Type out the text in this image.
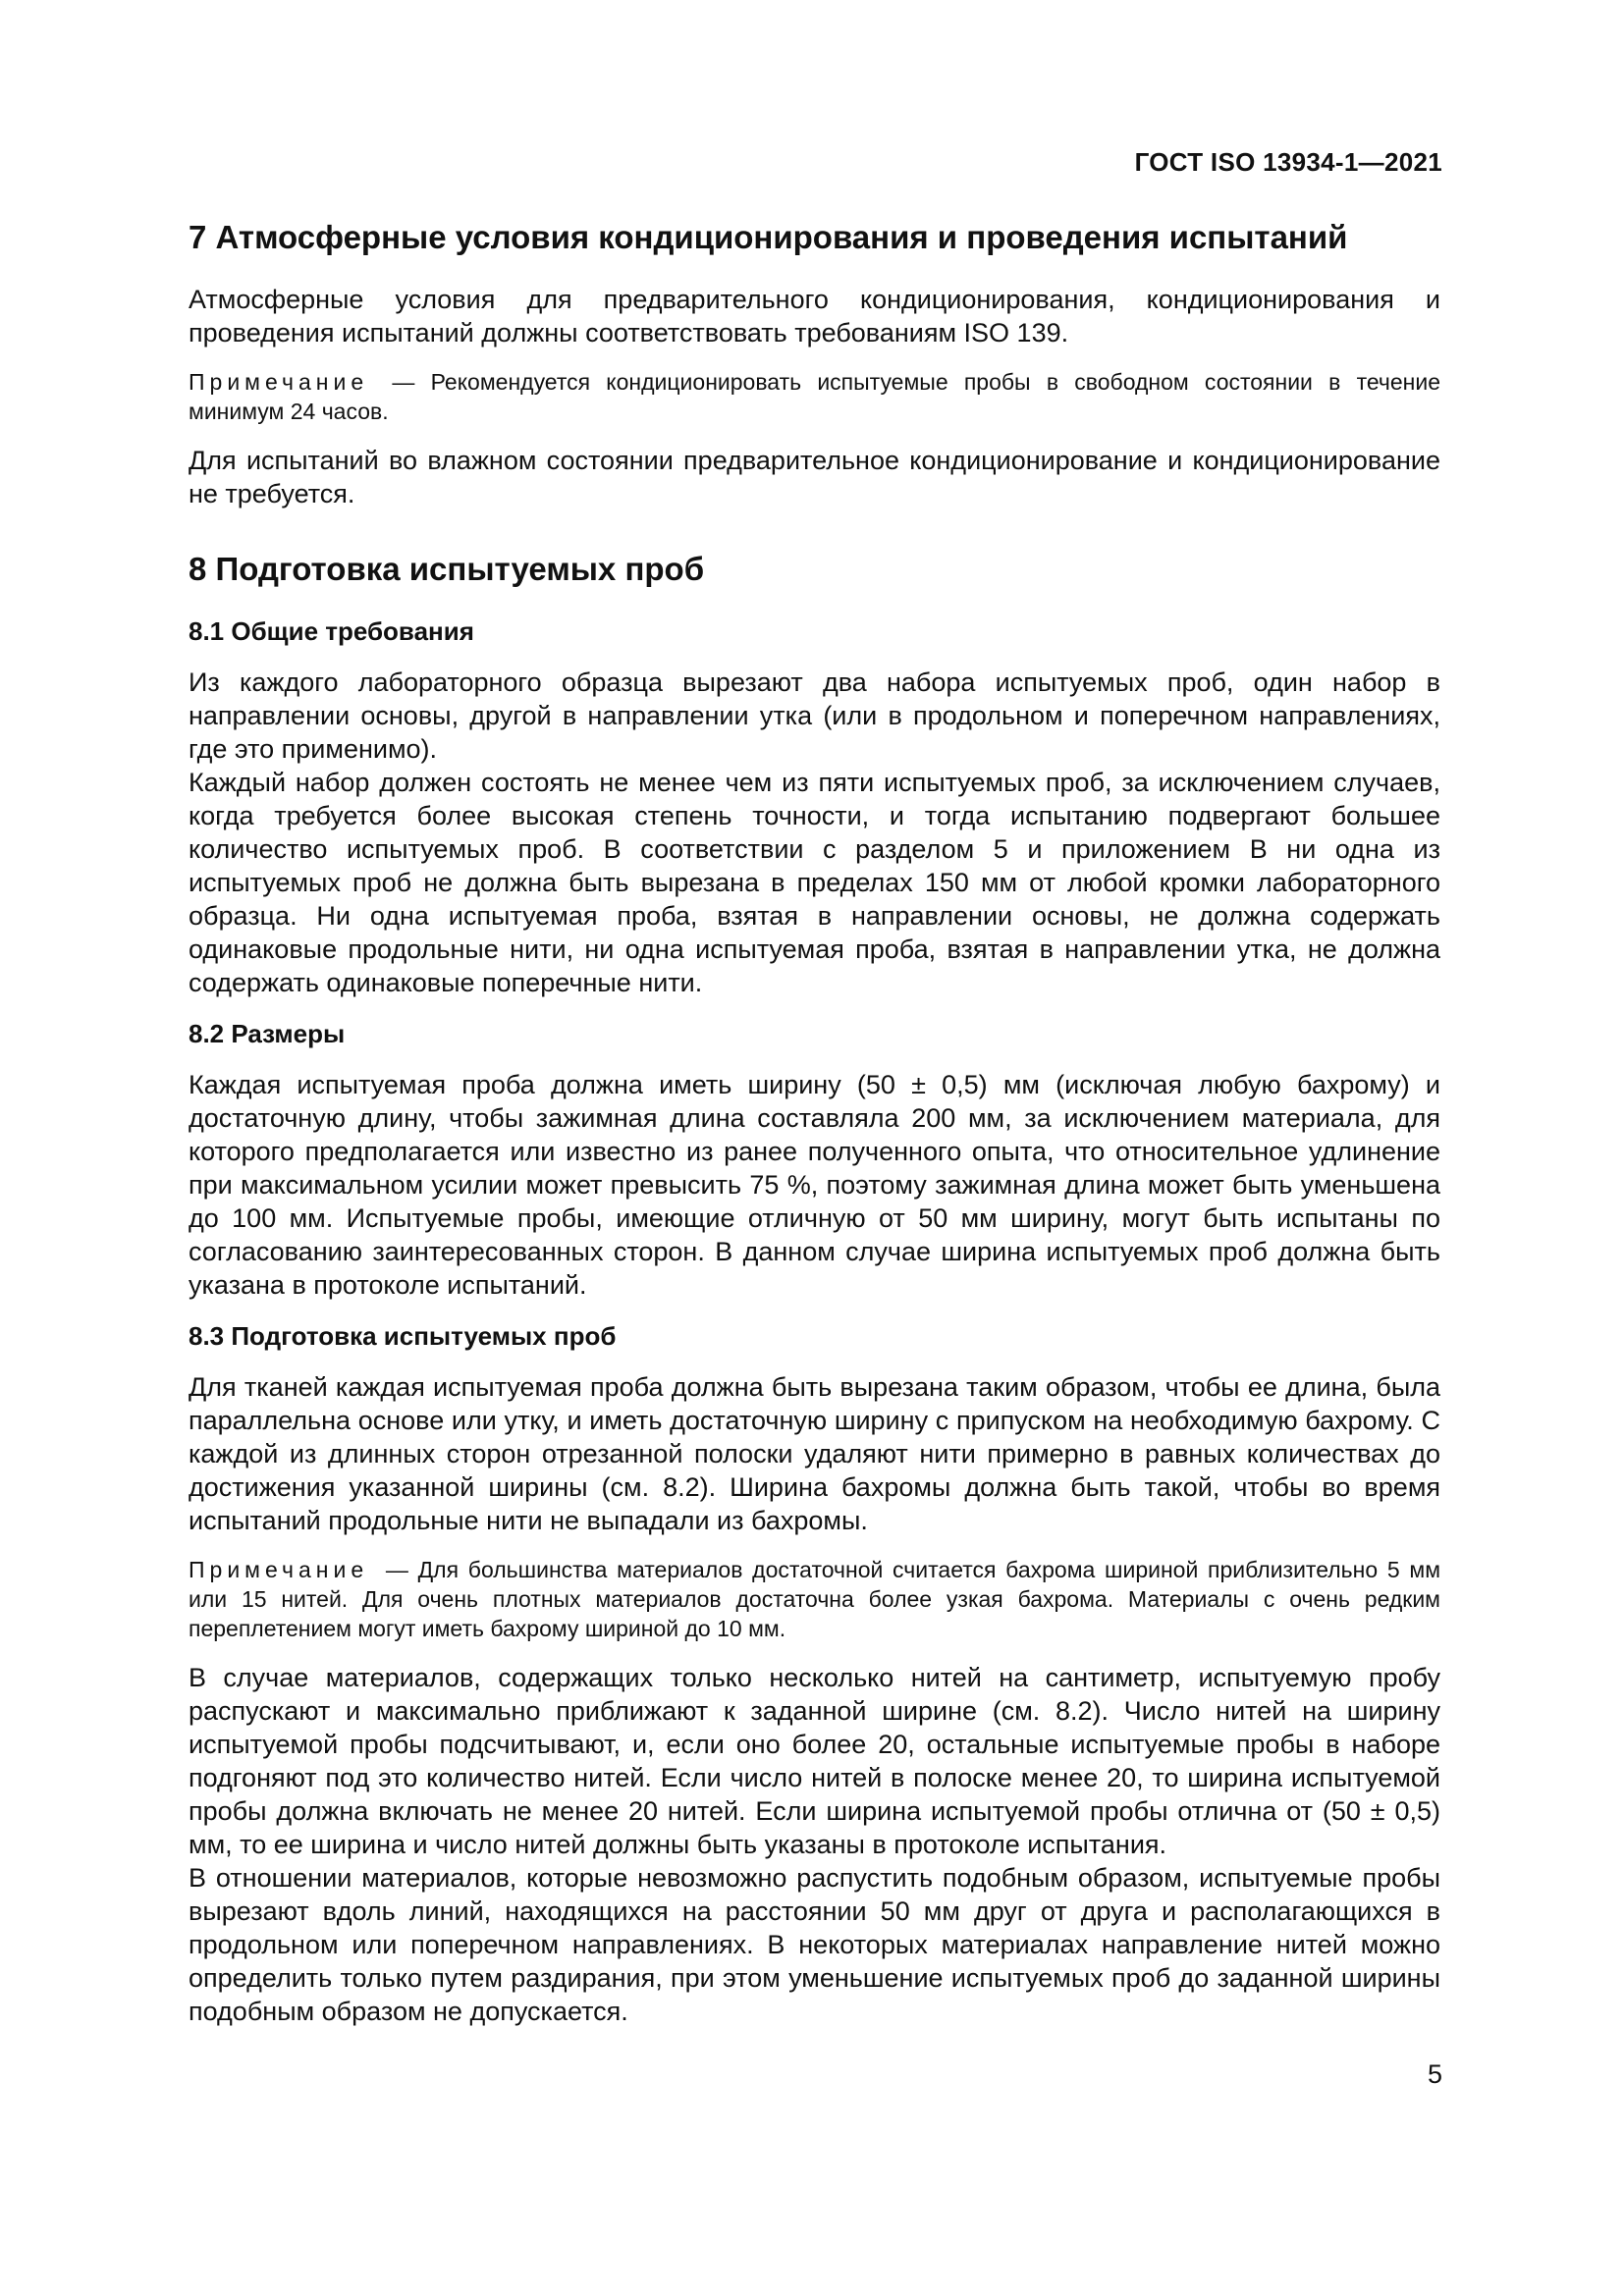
ГОСТ ISO 13934-1—2021
7 Атмосферные условия кондиционирования и проведения испытаний

Атмосферные условия для предварительного кондиционирования, кондиционирования и проведения испытаний должны соответствовать требованиям ISO 139.

Примечание — Рекомендуется кондиционировать испытуемые пробы в свободном состоянии в течение минимум 24 часов.

Для испытаний во влажном состоянии предварительное кондиционирование и кондиционирование не требуется.

8 Подготовка испытуемых проб
8.1 Общие требования

Из каждого лабораторного образца вырезают два набора испытуемых проб, один набор в направлении основы, другой в направлении утка (или в продольном и поперечном направлениях, где это применимо).

Каждый набор должен состоять не менее чем из пяти испытуемых проб, за исключением случаев, когда требуется более высокая степень точности, и тогда испытанию подвергают большее количество испытуемых проб. В соответствии с разделом 5 и приложением В ни одна из испытуемых проб не должна быть вырезана в пределах 150 мм от любой кромки лабораторного образца. Ни одна испытуемая проба, взятая в направлении основы, не должна содержать одинаковые продольные нити, ни одна испытуемая проба, взятая в направлении утка, не должна содержать одинаковые поперечные нити.

8.2 Размеры

Каждая испытуемая проба должна иметь ширину (50 ± 0,5) мм (исключая любую бахрому) и достаточную длину, чтобы зажимная длина составляла 200 мм, за исключением материала, для которого предполагается или известно из ранее полученного опыта, что относительное удлинение при максимальном усилии может превысить 75 %, поэтому зажимная длина может быть уменьшена до 100 мм. Испытуемые пробы, имеющие отличную от 50 мм ширину, могут быть испытаны по согласованию заинтересованных сторон. В данном случае ширина испытуемых проб должна быть указана в протоколе испытаний.

8.3 Подготовка испытуемых проб

Для тканей каждая испытуемая проба должна быть вырезана таким образом, чтобы ее длина, была параллельна основе или утку, и иметь достаточную ширину с припуском на необходимую бахрому. С каждой из длинных сторон отрезанной полоски удаляют нити примерно в равных количествах до достижения указанной ширины (см. 8.2). Ширина бахромы должна быть такой, чтобы во время испытаний продольные нити не выпадали из бахромы.

Примечание — Для большинства материалов достаточной считается бахрома шириной приблизительно 5 мм или 15 нитей. Для очень плотных материалов достаточна более узкая бахрома. Материалы с очень редким переплетением могут иметь бахрому шириной до 10 мм.

В случае материалов, содержащих только несколько нитей на сантиметр, испытуемую пробу распускают и максимально приближают к заданной ширине (см. 8.2). Число нитей на ширину испытуемой пробы подсчитывают, и, если оно более 20, остальные испытуемые пробы в наборе подгоняют под это количество нитей. Если число нитей в полоске менее 20, то ширина испытуемой пробы должна включать не менее 20 нитей. Если ширина испытуемой пробы отлична от (50 ± 0,5) мм, то ее ширина и число нитей должны быть указаны в протоколе испытания.

В отношении материалов, которые невозможно распустить подобным образом, испытуемые пробы вырезают вдоль линий, находящихся на расстоянии 50 мм друг от друга и располагающихся в продольном или поперечном направлениях. В некоторых материалах направление нитей можно определить только путем раздирания, при этом уменьшение испытуемых проб до заданной ширины подобным образом не допускается.

5
